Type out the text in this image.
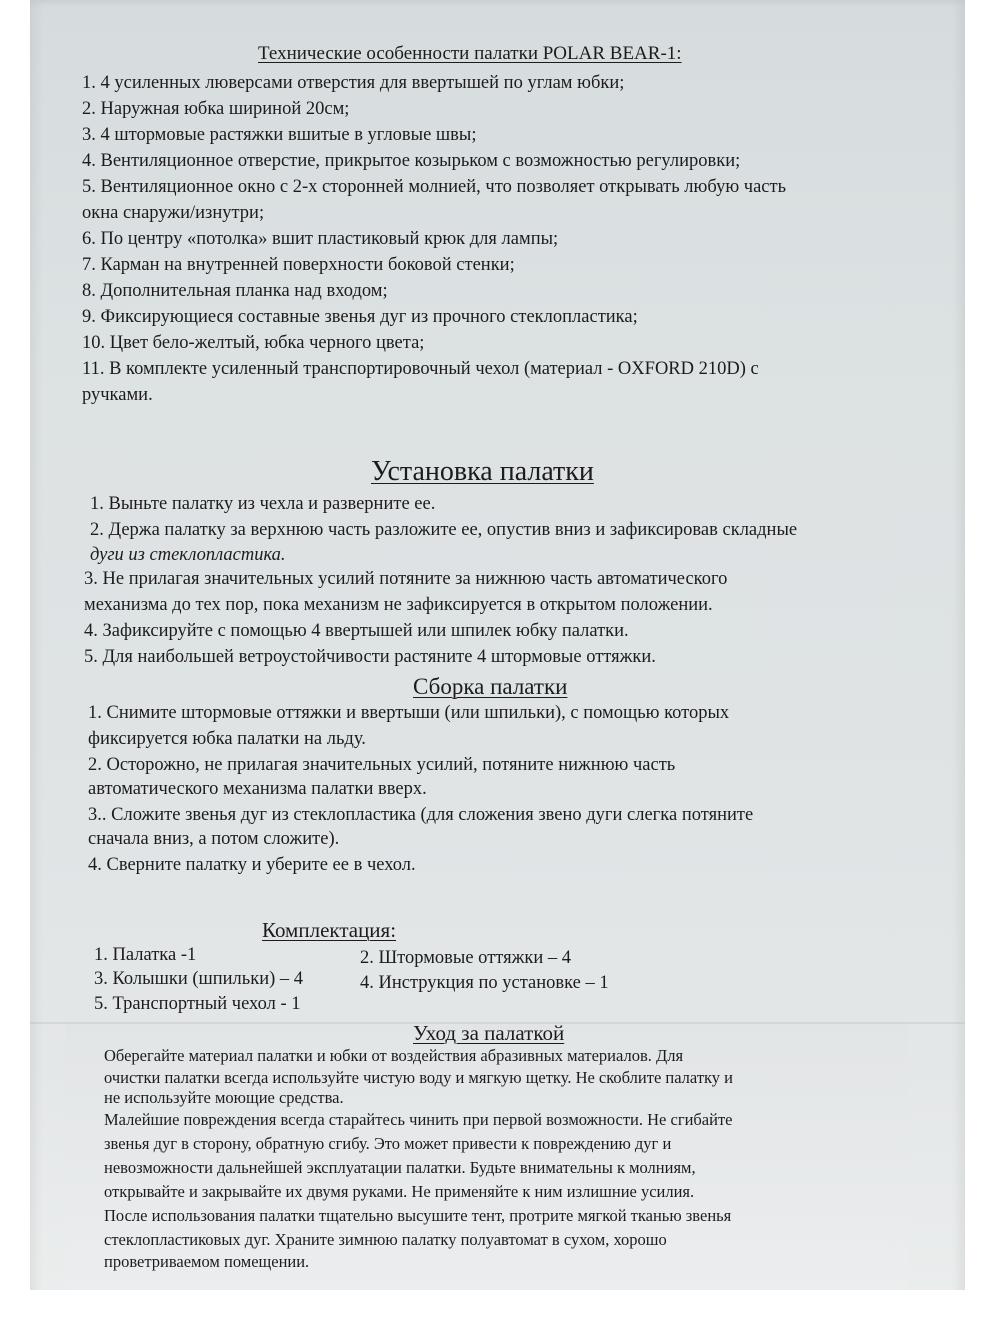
Технические особенности палатки POLAR BEAR-1:
1. 4 усиленных люверсами отверстия для ввертышей по углам юбки;
2. Наружная юбка шириной 20см;
3. 4 штормовые растяжки вшитые в угловые швы;
4. Вентиляционное отверстие, прикрытое козырьком с возможностью регулировки;
5. Вентиляционное окно с 2-х сторонней молнией, что позволяет открывать любую часть
окна снаружи/изнутри;
6. По центру «потолка» вшит пластиковый крюк для лампы;
7. Карман на внутренней поверхности боковой стенки;
8. Дополнительная планка над входом;
9. Фиксирующиеся составные звенья дуг из прочного стеклопластика;
10. Цвет бело-желтый, юбка черного цвета;
11. В комплекте усиленный транспортировочный чехол (материал - OXFORD 210D) с
ручками.
Установка палатки
1. Выньте палатку из чехла и разверните ее.
2. Держа палатку за верхнюю часть разложите ее, опустив вниз и зафиксировав складные
дуги из стеклопластика.
3. Не прилагая значительных усилий потяните за нижнюю часть автоматического
механизма до тех пор, пока механизм не зафиксируется в открытом положении.
4. Зафиксируйте с помощью 4 ввертышей или шпилек юбку палатки.
5. Для наибольшей ветроустойчивости растяните 4 штормовые оттяжки.
Сборка палатки
1. Снимите штормовые оттяжки и ввертыши (или шпильки), с помощью которых
фиксируется юбка палатки на льду.
2. Осторожно, не прилагая значительных усилий, потяните нижнюю часть
автоматического механизма палатки вверх.
3.. Сложите звенья дуг из стеклопластика (для сложения звено дуги слегка потяните
сначала вниз, а потом сложите).
4. Сверните палатку и уберите ее в чехол.
Комплектация:
1. Палатка -1	2. Штормовые оттяжки – 4
3. Колышки (шпильки) – 4	4. Инструкция по установке – 1
5. Транспортный чехол - 1
Уход за палаткой
Оберегайте материал палатки и юбки от воздействия абразивных материалов. Для
очистки палатки всегда используйте чистую воду и мягкую щетку. Не скоблите палатку и
не используйте моющие средства.
Малейшие повреждения всегда старайтесь чинить при первой возможности. Не сгибайте
звенья дуг в сторону, обратную сгибу. Это может привести к повреждению дуг и
невозможности дальнейшей эксплуатации палатки. Будьте внимательны к молниям,
открывайте и закрывайте их двумя руками. Не применяйте к ним излишние усилия.
После использования палатки тщательно высушите тент, протрите мягкой тканью звенья
стеклопластиковых дуг. Храните зимнюю палатку полуавтомат в сухом, хорошо
проветриваемом помещении.
